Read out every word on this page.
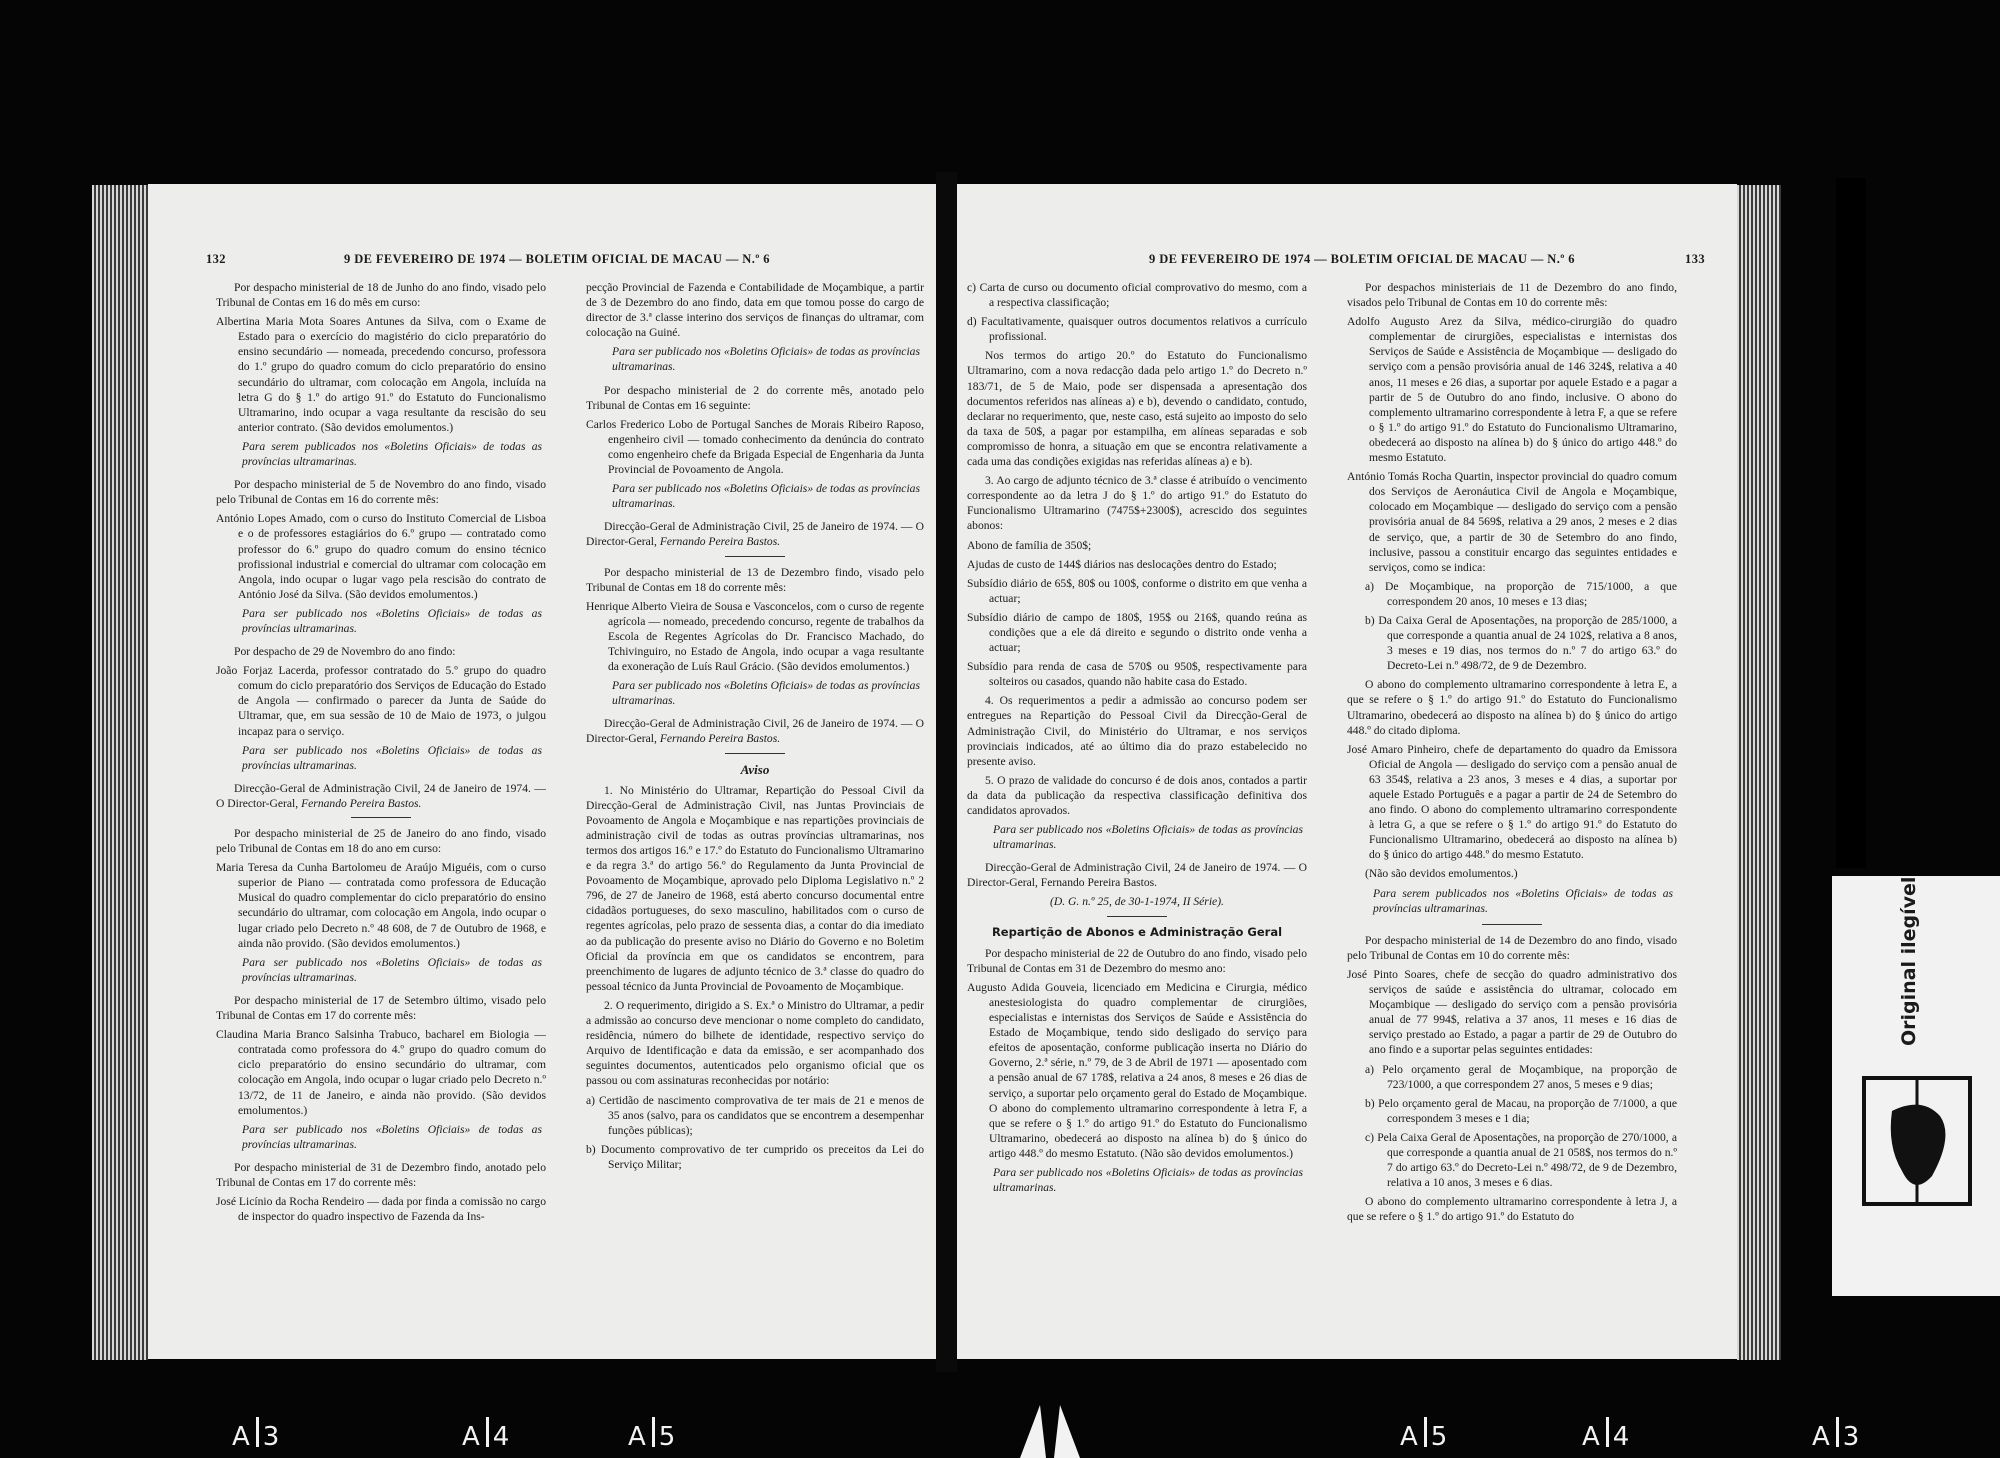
132	9 DE FEVEREIRO DE 1974 — BOLETIM OFICIAL DE MACAU — N.º 6

Por despacho ministerial de 18 de Junho do ano findo, visado pelo Tribunal de Contas em 16 do mês em curso:

Albertina Maria Mota Soares Antunes da Silva, com o Exame de Estado para o exercício do magistério do ciclo preparatório do ensino secundário — nomeada, precedendo concurso, professora do 1.º grupo do quadro comum do ciclo preparatório do ensino secundário do ultramar, com colocação em Angola, incluída na letra G do § 1.º do artigo 91.º do Estatuto do Funcionalismo Ultramarino, indo ocupar a vaga resultante da rescisão do seu anterior contrato. (São devidos emolumentos.)

Para serem publicados nos «Boletins Oficiais» de todas as províncias ultramarinas.

Por despacho ministerial de 5 de Novembro do ano findo, visado pelo Tribunal de Contas em 16 do corrente mês:

António Lopes Amado, com o curso do Instituto Comercial de Lisboa e o de professores estagiários do 6.º grupo — contratado como professor do 6.º grupo do quadro comum do ensino técnico profissional industrial e comercial do ultramar com colocação em Angola, indo ocupar o lugar vago pela rescisão do contrato de António José da Silva. (São devidos emolumentos.)

Para ser publicado nos «Boletins Oficiais» de todas as províncias ultramarinas.

Por despacho de 29 de Novembro do ano findo:

João Forjaz Lacerda, professor contratado do 5.º grupo do quadro comum do ciclo preparatório dos Serviços de Educação do Estado de Angola — confirmado o parecer da Junta de Saúde do Ultramar, que, em sua sessão de 10 de Maio de 1973, o julgou incapaz para o serviço.

Para ser publicado nos «Boletins Oficiais» de todas as províncias ultramarinas.

Direcção-Geral de Administração Civil, 24 de Janeiro de 1974. — O Director-Geral, Fernando Pereira Bastos.

Por despacho ministerial de 25 de Janeiro do ano findo, visado pelo Tribunal de Contas em 18 do ano em curso:

Maria Teresa da Cunha Bartolomeu de Araújo Miguéis, com o curso superior de Piano — contratada como professora de Educação Musical do quadro complementar do ciclo preparatório do ensino secundário do ultramar, com colocação em Angola, indo ocupar o lugar criado pelo Decreto n.º 48 608, de 7 de Outubro de 1968, e ainda não provido. (São devidos emolumentos.)

Para ser publicado nos «Boletins Oficiais» de todas as províncias ultramarinas.

Por despacho ministerial de 17 de Setembro último, visado pelo Tribunal de Contas em 17 do corrente mês:

Claudina Maria Branco Salsinha Trabuco, bacharel em Biologia — contratada como professora do 4.º grupo do quadro comum do ciclo preparatório do ensino secundário do ultramar, com colocação em Angola, indo ocupar o lugar criado pelo Decreto n.º 13/72, de 11 de Janeiro, e ainda não provido. (São devidos emolumentos.)

Para ser publicado nos «Boletins Oficiais» de todas as províncias ultramarinas.

Por despacho ministerial de 31 de Dezembro findo, anotado pelo Tribunal de Contas em 17 do corrente mês:

José Licínio da Rocha Rendeiro — dada por finda a comissão no cargo de inspector do quadro inspectivo de Fazenda da Ins-

pecção Provincial de Fazenda e Contabilidade de Moçambique, a partir de 3 de Dezembro do ano findo, data em que tomou posse do cargo de director de 3.ª classe interino dos serviços de finanças do ultramar, com colocação na Guiné.

Para ser publicado nos «Boletins Oficiais» de todas as províncias ultramarinas.

Por despacho ministerial de 2 do corrente mês, anotado pelo Tribunal de Contas em 16 seguinte:

Carlos Frederico Lobo de Portugal Sanches de Morais Ribeiro Raposo, engenheiro civil — tomado conhecimento da denúncia do contrato como engenheiro chefe da Brigada Especial de Engenharia da Junta Provincial de Povoamento de Angola.

Para ser publicado nos «Boletins Oficiais» de todas as províncias ultramarinas.

Direcção-Geral de Administração Civil, 25 de Janeiro de 1974. — O Director-Geral, Fernando Pereira Bastos.

Por despacho ministerial de 13 de Dezembro findo, visado pelo Tribunal de Contas em 18 do corrente mês:

Henrique Alberto Vieira de Sousa e Vasconcelos, com o curso de regente agrícola — nomeado, precedendo concurso, regente de trabalhos da Escola de Regentes Agrícolas do Dr. Francisco Machado, do Tchivinguiro, no Estado de Angola, indo ocupar a vaga resultante da exoneração de Luís Raul Grácio. (São devidos emolumentos.)

Para ser publicado nos «Boletins Oficiais» de todas as províncias ultramarinas.

Direcção-Geral de Administração Civil, 26 de Janeiro de 1974. — O Director-Geral, Fernando Pereira Bastos.

Aviso

1. No Ministério do Ultramar, Repartição do Pessoal Civil da Direcção-Geral de Administração Civil, nas Juntas Provinciais de Povoamento de Angola e Moçambique e nas repartições provinciais de administração civil de todas as outras províncias ultramarinas, nos termos dos artigos 16.º e 17.º do Estatuto do Funcionalismo Ultramarino e da regra 3.ª do artigo 56.º do Regulamento da Junta Provincial de Povoamento de Moçambique, aprovado pelo Diploma Legislativo n.º 2 796, de 27 de Janeiro de 1968, está aberto concurso documental entre cidadãos portugueses, do sexo masculino, habilitados com o curso de regentes agrícolas, pelo prazo de sessenta dias, a contar do dia imediato ao da publicação do presente aviso no Diário do Governo e no Boletim Oficial da província em que os candidatos se encontrem, para preenchimento de lugares de adjunto técnico de 3.ª classe do quadro do pessoal técnico da Junta Provincial de Povoamento de Moçambique.

2. O requerimento, dirigido a S. Ex.ª o Ministro do Ultramar, a pedir a admissão ao concurso deve mencionar o nome completo do candidato, residência, número do bilhete de identidade, respectivo serviço do Arquivo de Identificação e data da emissão, e ser acompanhado dos seguintes documentos, autenticados pelo organismo oficial que os passou ou com assinaturas reconhecidas por notário:

a) Certidão de nascimento comprovativa de ter mais de 21 e menos de 35 anos (salvo, para os candidatos que se encontrem a desempenhar funções públicas);

b) Documento comprovativo de ter cumprido os preceitos da Lei do Serviço Militar;

9 DE FEVEREIRO DE 1974 — BOLETIM OFICIAL DE MACAU — N.º 6	133

c) Carta de curso ou documento oficial comprovativo do mesmo, com a a respectiva classificação;

d) Facultativamente, quaisquer outros documentos relativos a currículo profissional.

Nos termos do artigo 20.º do Estatuto do Funcionalismo Ultramarino, com a nova redacção dada pelo artigo 1.º do Decreto n.º 183/71, de 5 de Maio, pode ser dispensada a apresentação dos documentos referidos nas alíneas a) e b), devendo o candidato, contudo, declarar no requerimento, que, neste caso, está sujeito ao imposto do selo da taxa de 50$, a pagar por estampilha, em alíneas separadas e sob compromisso de honra, a situação em que se encontra relativamente a cada uma das condições exigidas nas referidas alíneas a) e b).

3. Ao cargo de adjunto técnico de 3.ª classe é atribuído o vencimento correspondente ao da letra J do § 1.º do artigo 91.º do Estatuto do Funcionalismo Ultramarino (7475$+2300$), acrescido dos seguintes abonos:

Abono de família de 350$;

Ajudas de custo de 144$ diários nas deslocações dentro do Estado;

Subsídio diário de 65$, 80$ ou 100$, conforme o distrito em que venha a actuar;

Subsídio diário de campo de 180$, 195$ ou 216$, quando reúna as condições que a ele dá direito e segundo o distrito onde venha a actuar;

Subsídio para renda de casa de 570$ ou 950$, respectivamente para solteiros ou casados, quando não habite casa do Estado.

4. Os requerimentos a pedir a admissão ao concurso podem ser entregues na Repartição do Pessoal Civil da Direcção-Geral de Administração Civil, do Ministério do Ultramar, e nos serviços provinciais indicados, até ao último dia do prazo estabelecido no presente aviso.

5. O prazo de validade do concurso é de dois anos, contados a partir da data da publicação da respectiva classificação definitiva dos candidatos aprovados.

Para ser publicado nos «Boletins Oficiais» de todas as províncias ultramarinas.

Direcção-Geral de Administração Civil, 24 de Janeiro de 1974. — O Director-Geral, Fernando Pereira Bastos.

(D. G. n.º 25, de 30-1-1974, II Série).

Repartição de Abonos e Administração Geral

Por despacho ministerial de 22 de Outubro do ano findo, visado pelo Tribunal de Contas em 31 de Dezembro do mesmo ano:

Augusto Adida Gouveia, licenciado em Medicina e Cirurgia, médico anestesiologista do quadro complementar de cirurgiões, especialistas e internistas dos Serviços de Saúde e Assistência do Estado de Moçambique, tendo sido desligado do serviço para efeitos de aposentação, conforme publicação inserta no Diário do Governo, 2.ª série, n.º 79, de 3 de Abril de 1971 — aposentado com a pensão anual de 67 178$, relativa a 24 anos, 8 meses e 26 dias de serviço, a suportar pelo orçamento geral do Estado de Moçambique. O abono do complemento ultramarino correspondente à letra F, a que se refere o § 1.º do artigo 91.º do Estatuto do Funcionalismo Ultramarino, obedecerá ao disposto na alínea b) do § único do artigo 448.º do mesmo Estatuto. (Não são devidos emolumentos.)

Para ser publicado nos «Boletins Oficiais» de todas as províncias ultramarinas.

Por despachos ministeriais de 11 de Dezembro do ano findo, visados pelo Tribunal de Contas em 10 do corrente mês:

Adolfo Augusto Arez da Silva, médico-cirurgião do quadro complementar de cirurgiões, especialistas e internistas dos Serviços de Saúde e Assistência de Moçambique — desligado do serviço com a pensão provisória anual de 146 324$, relativa a 40 anos, 11 meses e 26 dias, a suportar por aquele Estado e a pagar a partir de 5 de Outubro do ano findo, inclusive. O abono do complemento ultramarino correspondente à letra F, a que se refere o § 1.º do artigo 91.º do Estatuto do Funcionalismo Ultramarino, obedecerá ao disposto na alínea b) do § único do artigo 448.º do mesmo Estatuto.

António Tomás Rocha Quartin, inspector provincial do quadro comum dos Serviços de Aeronáutica Civil de Angola e Moçambique, colocado em Moçambique — desligado do serviço com a pensão provisória anual de 84 569$, relativa a 29 anos, 2 meses e 2 dias de serviço, que, a partir de 30 de Setembro do ano findo, inclusive, passou a constituir encargo das seguintes entidades e serviços, como se indica:

a) De Moçambique, na proporção de 715/1000, a que correspondem 20 anos, 10 meses e 13 dias;

b) Da Caixa Geral de Aposentações, na proporção de 285/1000, a que corresponde a quantia anual de 24 102$, relativa a 8 anos, 3 meses e 19 dias, nos termos do n.º 7 do artigo 63.º do Decreto-Lei n.º 498/72, de 9 de Dezembro.

O abono do complemento ultramarino correspondente à letra E, a que se refere o § 1.º do artigo 91.º do Estatuto do Funcionalismo Ultramarino, obedecerá ao disposto na alínea b) do § único do artigo 448.º do citado diploma.

José Amaro Pinheiro, chefe de departamento do quadro da Emissora Oficial de Angola — desligado do serviço com a pensão anual de 63 354$, relativa a 23 anos, 3 meses e 4 dias, a suportar por aquele Estado Português e a pagar a partir de 24 de Setembro do ano findo. O abono do complemento ultramarino correspondente à letra G, a que se refere o § 1.º do artigo 91.º do Estatuto do Funcionalismo Ultramarino, obedecerá ao disposto na alínea b) do § único do artigo 448.º do mesmo Estatuto.

(Não são devidos emolumentos.)

Para serem publicados nos «Boletins Oficiais» de todas as províncias ultramarinas.

Por despacho ministerial de 14 de Dezembro do ano findo, visado pelo Tribunal de Contas em 10 do corrente mês:

José Pinto Soares, chefe de secção do quadro administrativo dos serviços de saúde e assistência do ultramar, colocado em Moçambique — desligado do serviço com a pensão provisória anual de 77 994$, relativa a 37 anos, 11 meses e 16 dias de serviço prestado ao Estado, a pagar a partir de 29 de Outubro do ano findo e a suportar pelas seguintes entidades:

a) Pelo orçamento geral de Moçambique, na proporção de 723/1000, a que correspondem 27 anos, 5 meses e 9 dias;

b) Pelo orçamento geral de Macau, na proporção de 7/1000, a que correspondem 3 meses e 1 dia;

c) Pela Caixa Geral de Aposentações, na proporção de 270/1000, a que corresponde a quantia anual de 21 058$, nos termos do n.º 7 do artigo 63.º do Decreto-Lei n.º 498/72, de 9 de Dezembro, relativa a 10 anos, 3 meses e 6 dias.

O abono do complemento ultramarino correspondente à letra J, a que se refere o § 1.º do artigo 91.º do Estatuto do

Original ilegível
A 3	A 4	A 5	A 5	A 4	A 3
